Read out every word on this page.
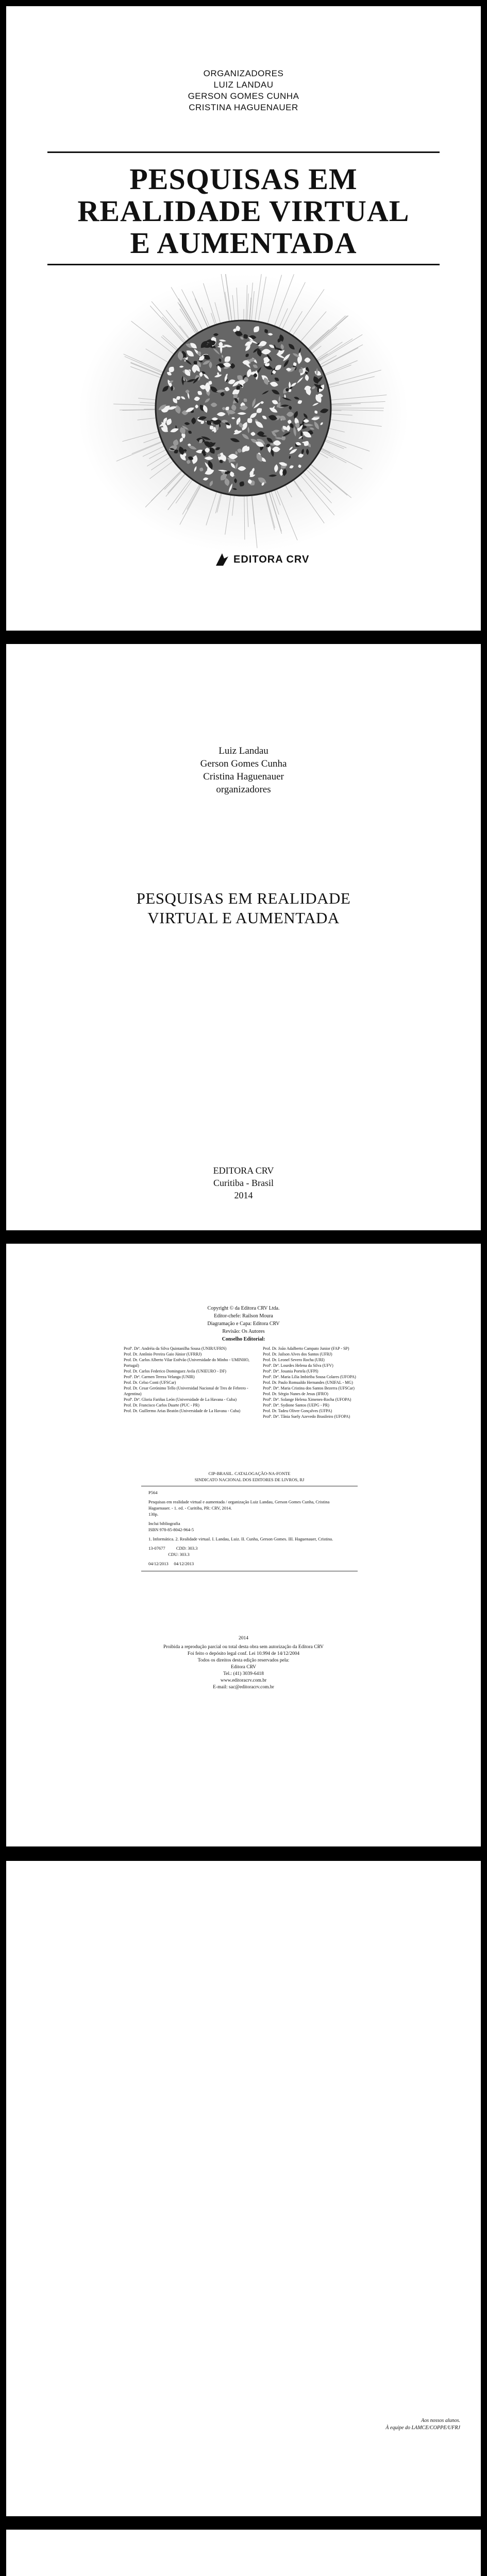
ORGANIZADORES
LUIZ LANDAU
GERSON GOMES CUNHA
CRISTINA HAGUENAUER
PESQUISAS EM
REALIDADE VIRTUAL
E AUMENTADA
EDITORA CRV
Luiz Landau
Gerson Gomes Cunha
Cristina Haguenauer
organizadores
PESQUISAS EM REALIDADE
VIRTUAL E AUMENTADA
EDITORA CRV
Curitiba - Brasil
2014
Copyright © da Editora CRV Ltda.
Editor-chefe: Railson Moura
Diagramação e Capa: Editora CRV
Revisão: Os Autores
Conselho Editorial:
Profª. Drª. Andréia da Silva Quintanilha Sousa (UNIR/UFRN)
Prof. Dr. Antônio Pereira Gaio Júnior (UFRRJ)
Prof. Dr. Carlos Alberto Vilar Estêvão (Universidade do Minho - UMINHO, Portugal)
Prof. Dr. Carlos Federico Dominguez Avila (UNIEURO - DF)
Profª. Drª. Carmen Tereza Velanga (UNIR)
Prof. Dr. Celso Conti (UFSCar)
Prof. Dr. Cesar Gerónimo Tello (Universidad Nacional de Tres de Febrero - Argentina)
Profª. Drª. Gloria Fariñas León (Universidade de La Havana - Cuba)
Prof. Dr. Francisco Carlos Duarte (PUC - PR)
Prof. Dr. Guillermo Arias Beatón (Universidade de La Havana - Cuba)
Prof. Dr. João Adalberto Campato Junior (FAP - SP)
Prof. Dr. Jailson Alves dos Santos (UFRJ)
Prof. Dr. Leonel Severo Rocha (URI)
Profª. Drª. Lourdes Helena da Silva (UFV)
Profª. Drª. Josania Portela (UFPI)
Profª. Drª. Maria Lília Imbiriba Sousa Colares (UFOPA)
Prof. Dr. Paulo Romualdo Hernandes (UNIFAL - MG)
Profª. Drª. Maria Cristina dos Santos Bezerra (UFSCar)
Prof. Dr. Sérgio Nunes de Jesus (IFRO)
Profª. Drª. Solange Helena Ximenes-Rocha (UFOPA)
Profª. Drª. Sydione Santos (UEPG - PR)
Prof. Dr. Tadeu Oliver Gonçalves (UFPA)
Profª. Drª. Tânia Suely Azevedo Brasileiro (UFOPA)
CIP-BRASIL. CATALOGAÇÃO-NA-FONTE
SINDICATO NACIONAL DOS EDITORES DE LIVROS, RJ

P564

Pesquisas em realidade virtual e aumentada / organização Luiz Landau, Gerson Gomes Cunha, Cristina Haguenauer. - 1. ed. - Curitiba, PR: CRV, 2014.

130p.

Inclui bibliografia

ISBN 978-85-8042-964-5

1. Informática. 2. Realidade virtual. I. Landau, Luiz. II. Cunha, Gerson Gomes. III. Haguenauer, Cristina.

13-07677          CDD: 303.3

CDU: 303.3

04/12/2013     04/12/2013

2014
Proibida a reprodução parcial ou total desta obra sem autorização da Editora CRV
Foi feito o depósito legal conf. Lei 10.994 de 14/12/2004
Todos os direitos desta edição reservados pela:
Editora CRV
Tel.: (41) 3039-6418
www.editoracrv.com.br
E-mail: sac@editoracrv.com.br
Aos nossos alunos.
À equipe do LAMCE/COPPE/UFRJ
